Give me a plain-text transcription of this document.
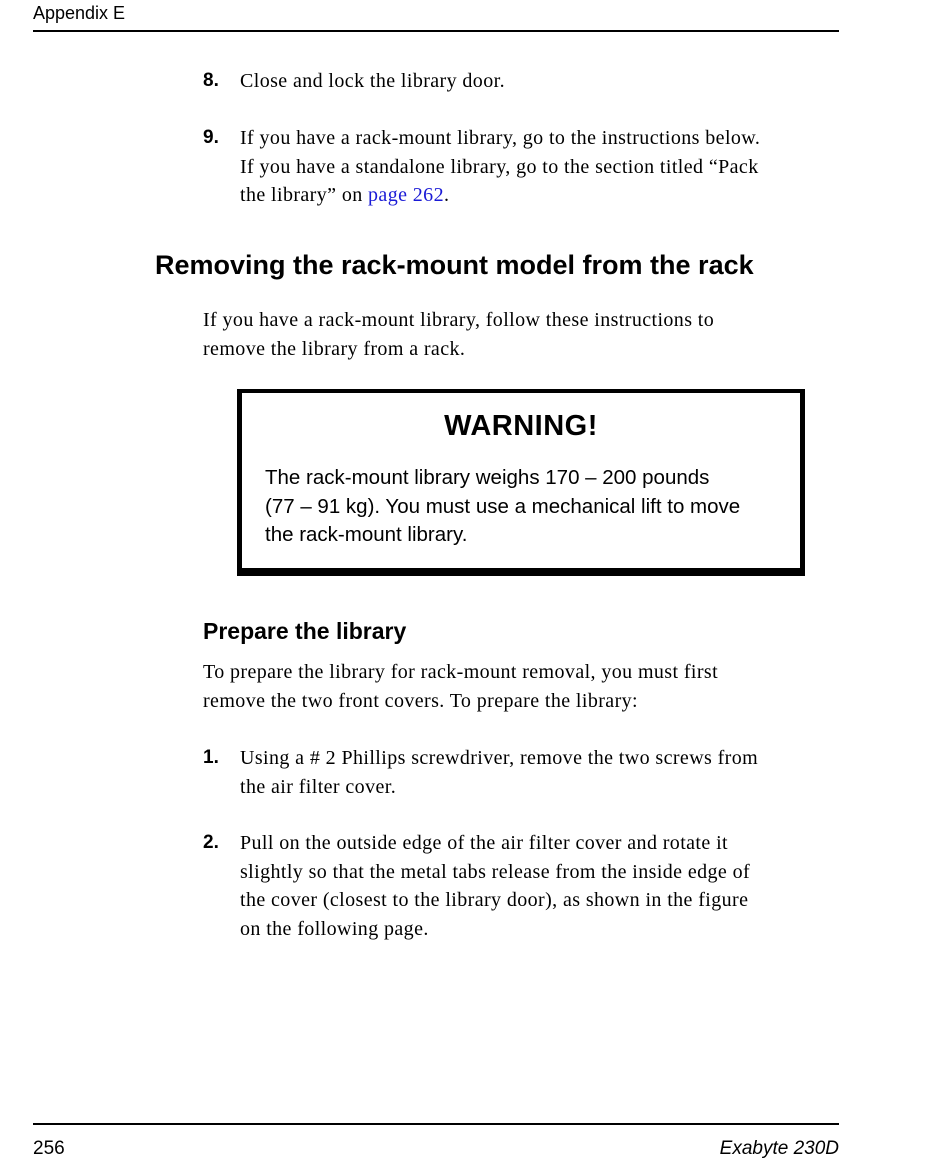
Appendix E
8. Close and lock the library door.
9. If you have a rack-mount library, go to the instructions below.
If you have a standalone library, go to the section titled “Pack
the library” on page 262.
Removing the rack-mount model from the rack
If you have a rack-mount library, follow these instructions to
remove the library from a rack.
WARNING!
The rack-mount library weighs 170 – 200 pounds
(77 – 91 kg). You must use a mechanical lift to move
the rack-mount library.
Prepare the library
To prepare the library for rack-mount removal, you must first
remove the two front covers. To prepare the library:
1. Using a # 2 Phillips screwdriver, remove the two screws from
the air filter cover.
2. Pull on the outside edge of the air filter cover and rotate it
slightly so that the metal tabs release from the inside edge of
the cover (closest to the library door), as shown in the figure
on the following page.
256	Exabyte 230D
